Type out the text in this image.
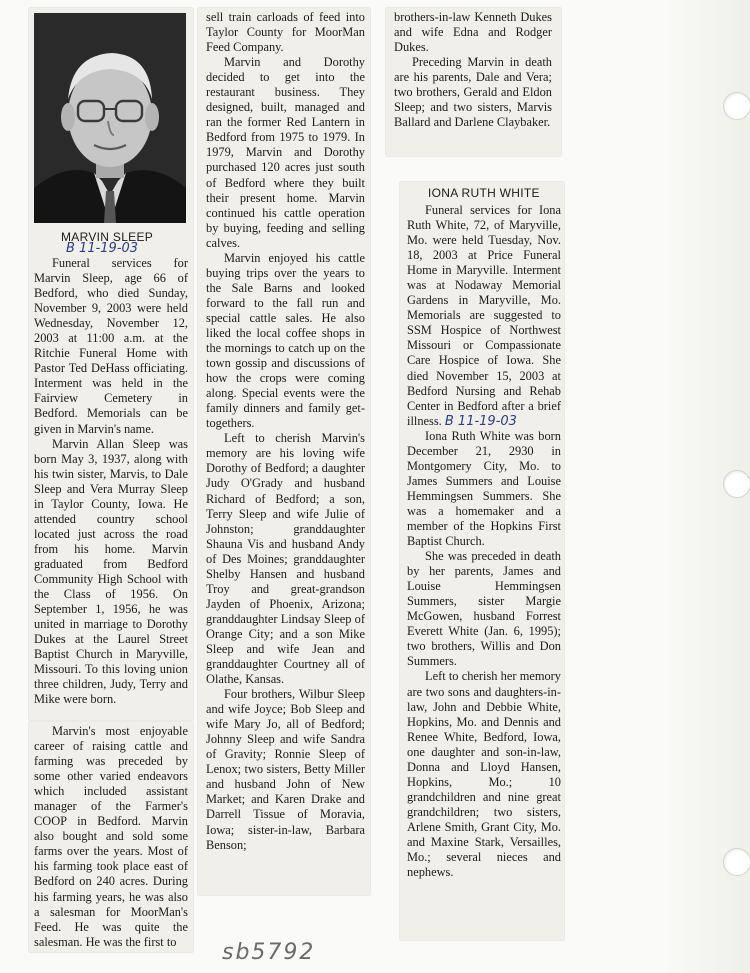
MARVIN SLEEP
B 11-19-03

Funeral services for Marvin Sleep, age 66 of Bedford, who died Sunday, November 9, 2003 were held Wednesday, November 12, 2003 at 11:00 a.m. at the Ritchie Funeral Home with Pastor Ted DeHass officiating. Interment was held in the Fairview Cemetery in Bedford. Memorials can be given in Marvin's name.

Marvin Allan Sleep was born May 3, 1937, along with his twin sister, Marvis, to Dale Sleep and Vera Murray Sleep in Taylor County, Iowa. He attended country school located just across the road from his home. Marvin graduated from Bedford Community High School with the Class of 1956. On September 1, 1956, he was united in marriage to Dorothy Dukes at the Laurel Street Baptist Church in Maryville, Missouri. To this loving union three children, Judy, Terry and Mike were born.

Marvin's most enjoyable career of raising cattle and farming was preceded by some other varied endeavors which included assistant manager of the Farmer's COOP in Bedford. Marvin also bought and sold some farms over the years. Most of his farming took place east of Bedford on 240 acres. During his farming years, he was also a salesman for MoorMan's Feed. He was quite the salesman. He was the first to

sell train carloads of feed into Taylor County for MoorMan Feed Company.

Marvin and Dorothy decided to get into the restaurant business. They designed, built, managed and ran the former Red Lantern in Bedford from 1975 to 1979. In 1979, Marvin and Dorothy purchased 120 acres just south of Bedford where they built their present home. Marvin continued his cattle operation by buying, feeding and selling calves.

Marvin enjoyed his cattle buying trips over the years to the Sale Barns and looked forward to the fall run and special cattle sales. He also liked the local coffee shops in the mornings to catch up on the town gossip and discussions of how the crops were coming along. Special events were the family dinners and family get-togethers.

Left to cherish Marvin's memory are his loving wife Dorothy of Bedford; a daughter Judy O'Grady and husband Richard of Bedford; a son, Terry Sleep and wife Julie of Johnston; granddaughter Shauna Vis and husband Andy of Des Moines; granddaughter Shelby Hansen and husband Troy and great-grandson Jayden of Phoenix, Arizona; granddaughter Lindsay Sleep of Orange City; and a son Mike Sleep and wife Jean and granddaughter Courtney all of Olathe, Kansas.

Four brothers, Wilbur Sleep and wife Joyce; Bob Sleep and wife Mary Jo, all of Bedford; Johnny Sleep and wife Sandra of Gravity; Ronnie Sleep of Lenox; two sisters, Betty Miller and husband John of New Market; and Karen Drake and Darrell Tissue of Moravia, Iowa; sister-in-law, Barbara Benson;

brothers-in-law Kenneth Dukes and wife Edna and Rodger Dukes.

Preceding Marvin in death are his parents, Dale and Vera; two brothers, Gerald and Eldon Sleep; and two sisters, Marvis Ballard and Darlene Claybaker.

IONA RUTH WHITE

Funeral services for Iona Ruth White, 72, of Maryville, Mo. were held Tuesday, Nov. 18, 2003 at Price Funeral Home in Maryville. Interment was at Nodaway Memorial Gardens in Maryville, Mo. Memorials are suggested to SSM Hospice of Northwest Missouri or Compassionate Care Hospice of Iowa. She died November 15, 2003 at Bedford Nursing and Rehab Center in Bedford after a brief illness. B 11-19-03

Iona Ruth White was born December 21, 2930 in Montgomery City, Mo. to James Summers and Louise Hemmingsen Summers. She was a homemaker and a member of the Hopkins First Baptist Church.

She was preceded in death by her parents, James and Louise Hemmingsen Summers, sister Margie McGowen, husband Forrest Everett White (Jan. 6, 1995); two brothers, Willis and Don Summers.

Left to cherish her memory are two sons and daughters-in-law, John and Debbie White, Hopkins, Mo. and Dennis and Renee White, Bedford, Iowa, one daughter and son-in-law, Donna and Lloyd Hansen, Hopkins, Mo.; 10 grandchildren and nine great grandchildren; two sisters, Arlene Smith, Grant City, Mo. and Maxine Stark, Versailles, Mo.; several nieces and nephews.

sb5792
